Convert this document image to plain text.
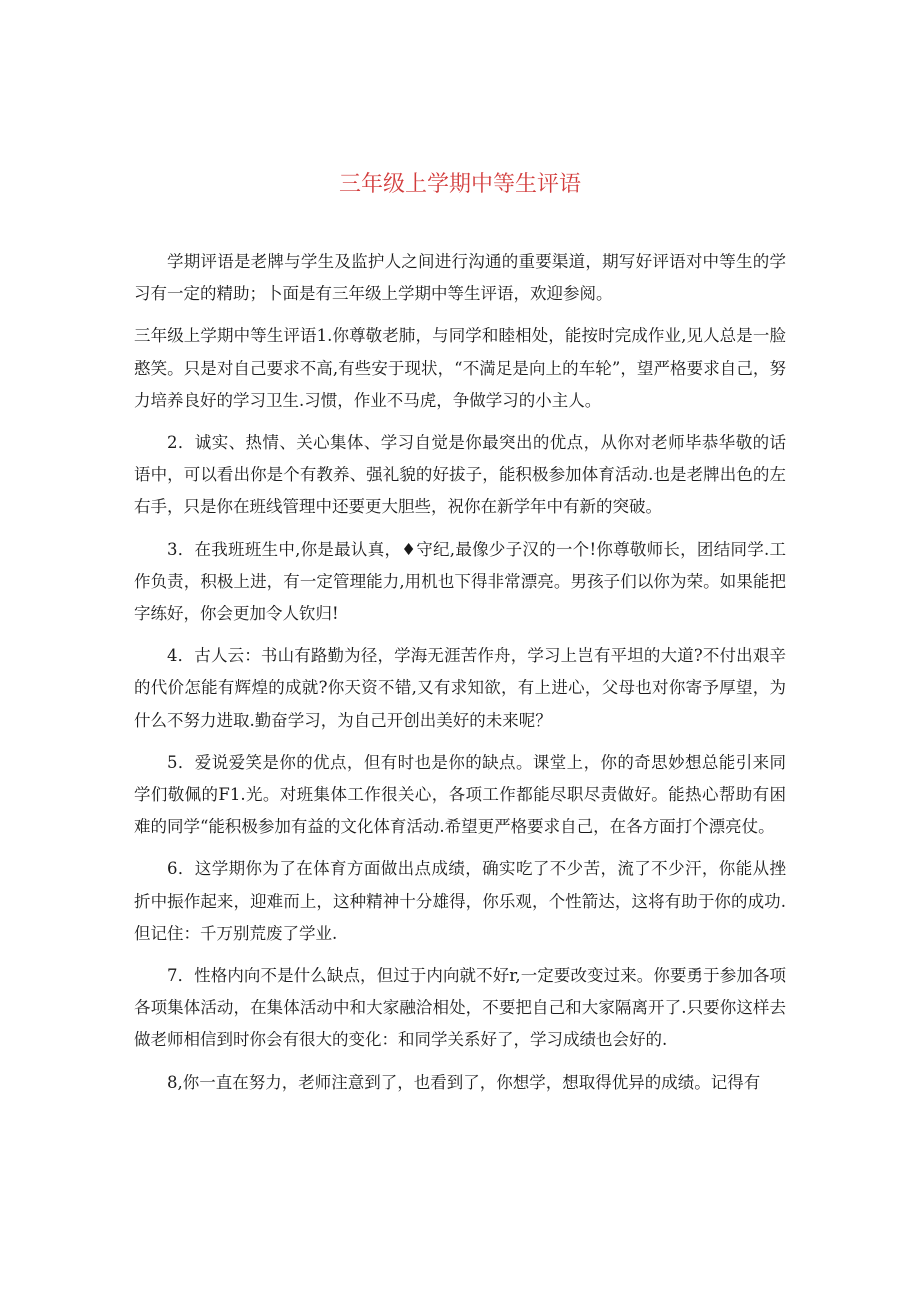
三年级上学期中等生评语

学期评语是老牌与学生及监护人之间进行沟通的重要渠道，期写好评语对中等生的学习有一定的精助；卜面是有三年级上学期中等生评语，欢迎参阅。

三年级上学期中等生评语1.你尊敬老肺，与同学和睦相处，能按时完成作业,见人总是一脸憨笑。只是对自己要求不高,有些安于现状，“不満足是向上的车轮”，望严格要求自己，努力培养良好的学习卫生.习惯，作业不马虎，争做学习的小主人。

2．诚实、热情、关心集体、学习自觉是你最突出的优点，从你对老师毕恭华敬的话语中，可以看出你是个有教养、强礼貌的好拔子，能积极参加体育活动.也是老牌出色的左右手，只是你在班线管理中还要更大胆些，祝你在新学年中有新的突破。

3．在我班班生中,你是最认真，♦守纪,最像少子汉的一个!你尊敬师长，团结同学.工作负责，积极上进，有一定管理能力,用机也下得非常漂亮。男孩子们以你为荣。如果能把字练好，你会更加令人钦归!

4．古人云：书山有路勤为径，学海无涯苦作舟，学习上岂有平坦的大道?不付出艰辛的代价怎能有辉煌的成就?你天资不错,又有求知欲，有上进心，父母也对你寄予厚望，为什么不努力进取.勤奋学习，为自己开创出美好的未来呢？

5．爱说爱笑是你的优点，但有时也是你的缺点。课堂上，你的奇思妙想总能引来同学们敬佩的F1.光。对班集体工作很关心，各项工作都能尽职尽责做好。能热心帮助有困难的同学“能积极参加有益的文化体育活动.希望更严格要求自己，在各方面打个漂亮仗。

6．这学期你为了在体育方面做出点成绩，确实吃了不少苦，流了不少汗，你能从挫折中振作起来，迎难而上，这种精神十分雄得，你乐观，个性箭达，这将有助于你的成功.但记住：千万别荒废了学业.

7．性格内向不是什么缺点，但过于内向就不好r,一定要改变过来。你要勇于参加各项各项集体活动，在集体活动中和大家融洽相处，不要把自己和大家隔离开了.只要你这样去做老师相信到时你会有很大的变化：和同学关系好了，学习成绩也会好的.

8,你一直在努力，老师注意到了，也看到了，你想学，想取得优异的成绩。记得有
